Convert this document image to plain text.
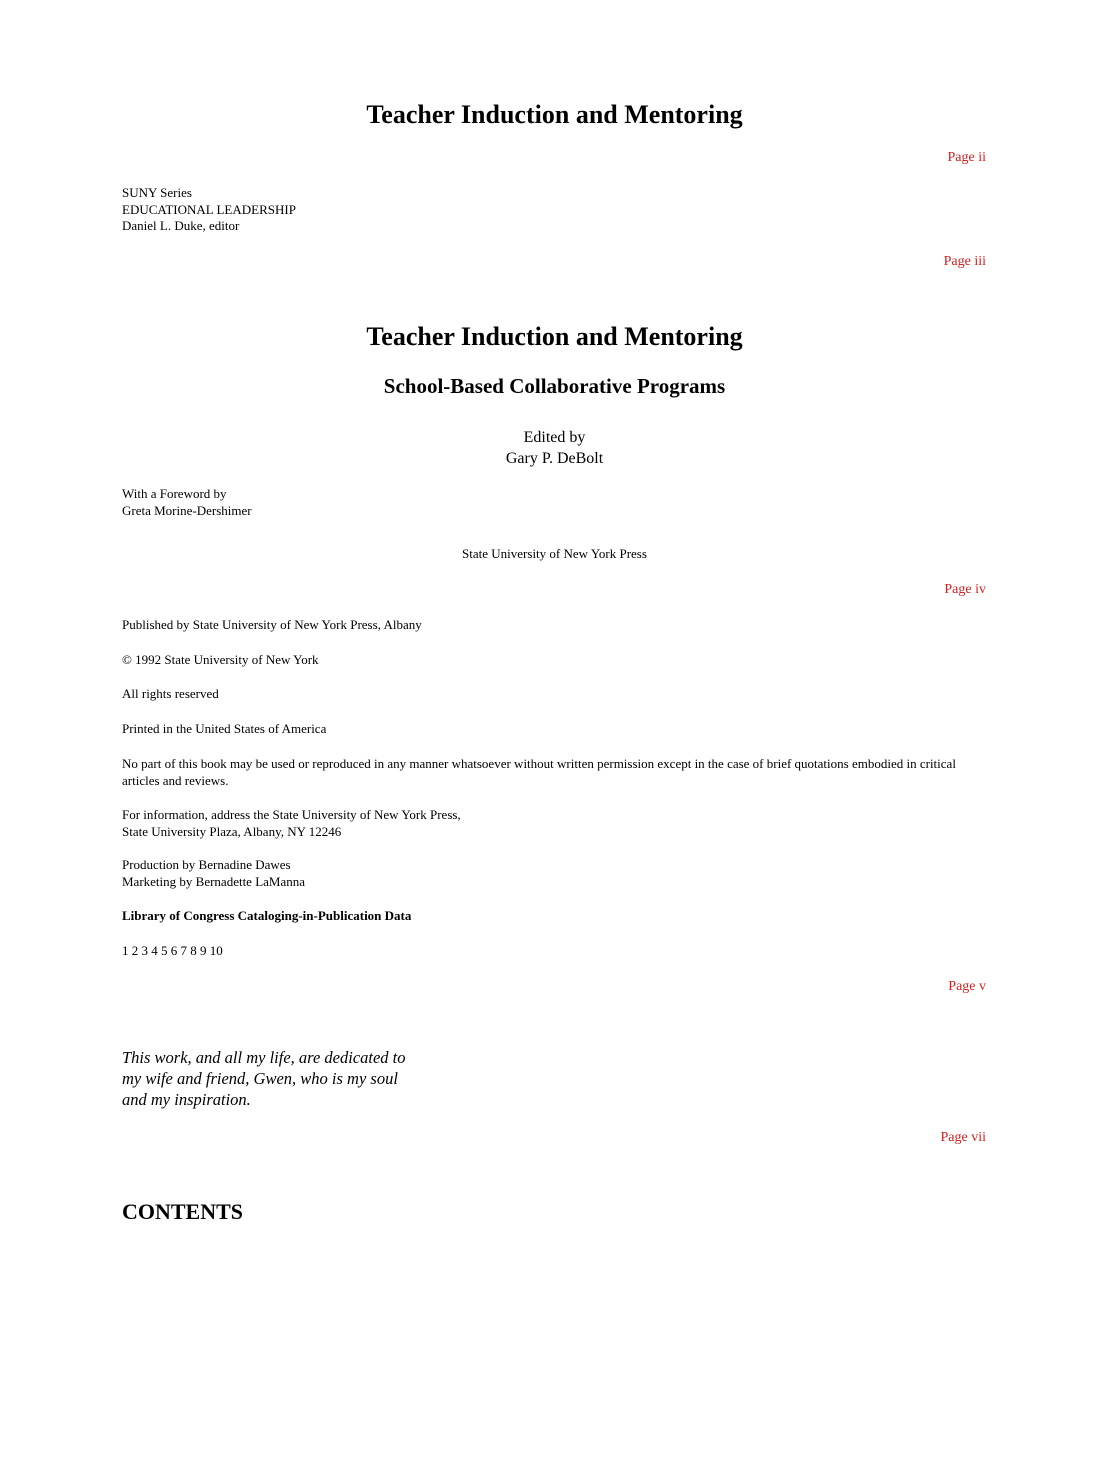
Teacher Induction and Mentoring
Page ii
SUNY Series
EDUCATIONAL LEADERSHIP
Daniel L. Duke, editor
Page iii
Teacher Induction and Mentoring
School-Based Collaborative Programs
Edited by
Gary P. DeBolt
With a Foreword by
Greta Morine-Dershimer
State University of New York Press
Page iv
Published by State University of New York Press, Albany
© 1992 State University of New York
All rights reserved
Printed in the United States of America
No part of this book may be used or reproduced in any manner whatsoever without written permission except in the case of brief quotations embodied in critical articles and reviews.
For information, address the State University of New York Press,
State University Plaza, Albany, NY 12246
Production by Bernadine Dawes
Marketing by Bernadette LaManna
Library of Congress Cataloging-in-Publication Data
1 2 3 4 5 6 7 8 9 10
Page v
This work, and all my life, are dedicated to
my wife and friend, Gwen, who is my soul
and my inspiration.
Page vii
CONTENTS
